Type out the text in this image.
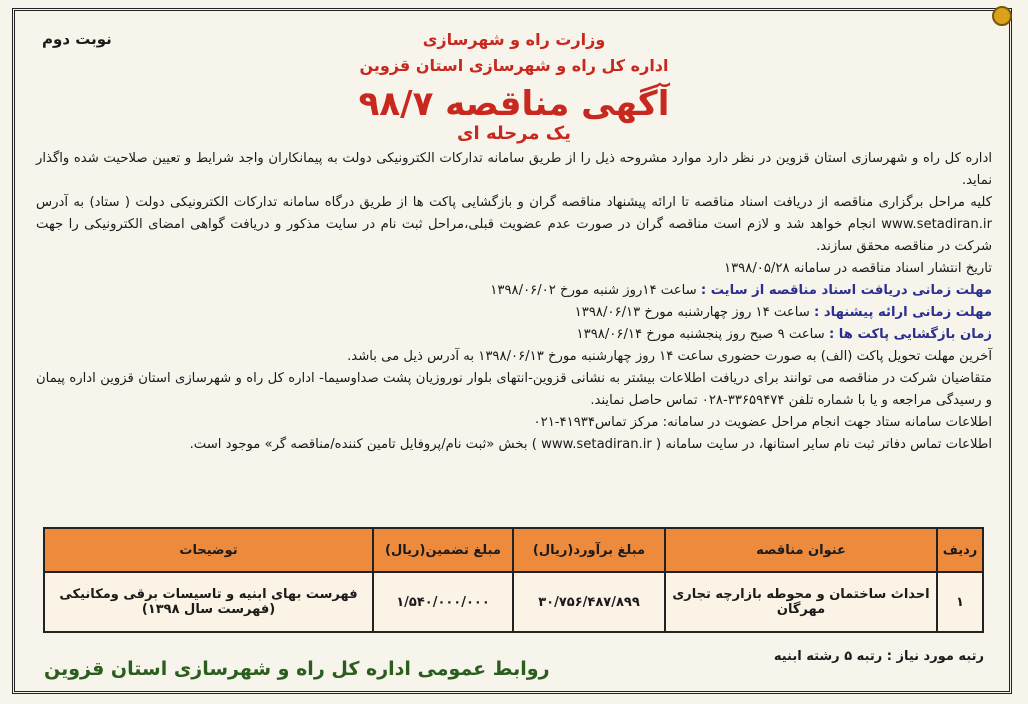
نوبت دوم	وزارت راه و شهرسازی
اداره کل راه و شهرسازی استان قزوین
آگهی مناقصه ۹۸/۷
یک مرحله ای

اداره کل راه و شهرسازی استان قزوین در نظر دارد موارد مشروحه ذیل را از طریق سامانه تدارکات الکترونیکی دولت به پیمانکاران واجد شرایط و تعیین صلاحیت شده واگذار نماید.

کلیه مراحل برگزاری مناقصه از دریافت اسناد مناقصه تا ارائه پیشنهاد مناقصه گران و بازگشایی پاکت ها از طریق درگاه سامانه تدارکات الکترونیکی دولت ( ستاد) به آدرس www.setadiran.ir انجام خواهد شد و لازم است مناقصه گران در صورت عدم عضویت قبلی،مراحل ثبت نام در سایت مذکور و دریافت گواهی امضای الکترونیکی را جهت شرکت در مناقصه محقق سازند.

تاریخ انتشار اسناد مناقصه در سامانه ۱۳۹۸/۰۵/۲۸

مهلت زمانی دریافت اسناد مناقصه از سایت : ساعت ۱۴روز شنبه مورخ ۱۳۹۸/۰۶/۰۲

مهلت زمانی ارائه پیشنهاد : ساعت ۱۴ روز چهارشنبه مورخ ۱۳۹۸/۰۶/۱۳

زمان بازگشایی پاکت ها : ساعت ۹ صبح روز پنجشنبه مورخ ۱۳۹۸/۰۶/۱۴

آخرین مهلت تحویل پاکت (الف) به صورت حضوری ساعت ۱۴ روز چهارشنبه مورخ ۱۳۹۸/۰۶/۱۳ به آدرس ذیل می باشد.

متقاضیان شرکت در مناقصه می توانند برای دریافت اطلاعات بیشتر به نشانی قزوین-انتهای بلوار نوروزیان پشت صداوسیما- اداره کل راه و شهرسازی استان قزوین اداره پیمان و رسیدگی مراجعه و یا با شماره تلفن ۳۳۶۵۹۴۷۴-۰۲۸ تماس حاصل نمایند.

اطلاعات سامانه ستاد جهت انجام مراحل عضویت در سامانه: مرکز تماس۴۱۹۳۴-۰۲۱

اطلاعات تماس دفاتر ثبت نام سایر استانها، در سایت سامانه ( www.setadiran.ir ) بخش «ثبت نام/پروفایل تامین کننده/مناقصه گر» موجود است.

ردیف	عنوان مناقصه	مبلغ برآورد(ریال)	مبلغ تضمین(ریال)	توضیحات
۱	احداث ساختمان و محوطه بازارچه تجاری مهرگان	۳۰/۷۵۶/۴۸۷/۸۹۹	۱/۵۴۰/۰۰۰/۰۰۰	فهرست بهای ابنیه و تاسیسات برقی ومکانیکی (فهرست سال ۱۳۹۸)
رتبه مورد نیاز : رتبه ۵ رشته ابنیه
روابط عمومی اداره کل راه و شهرسازی استان قزوین
